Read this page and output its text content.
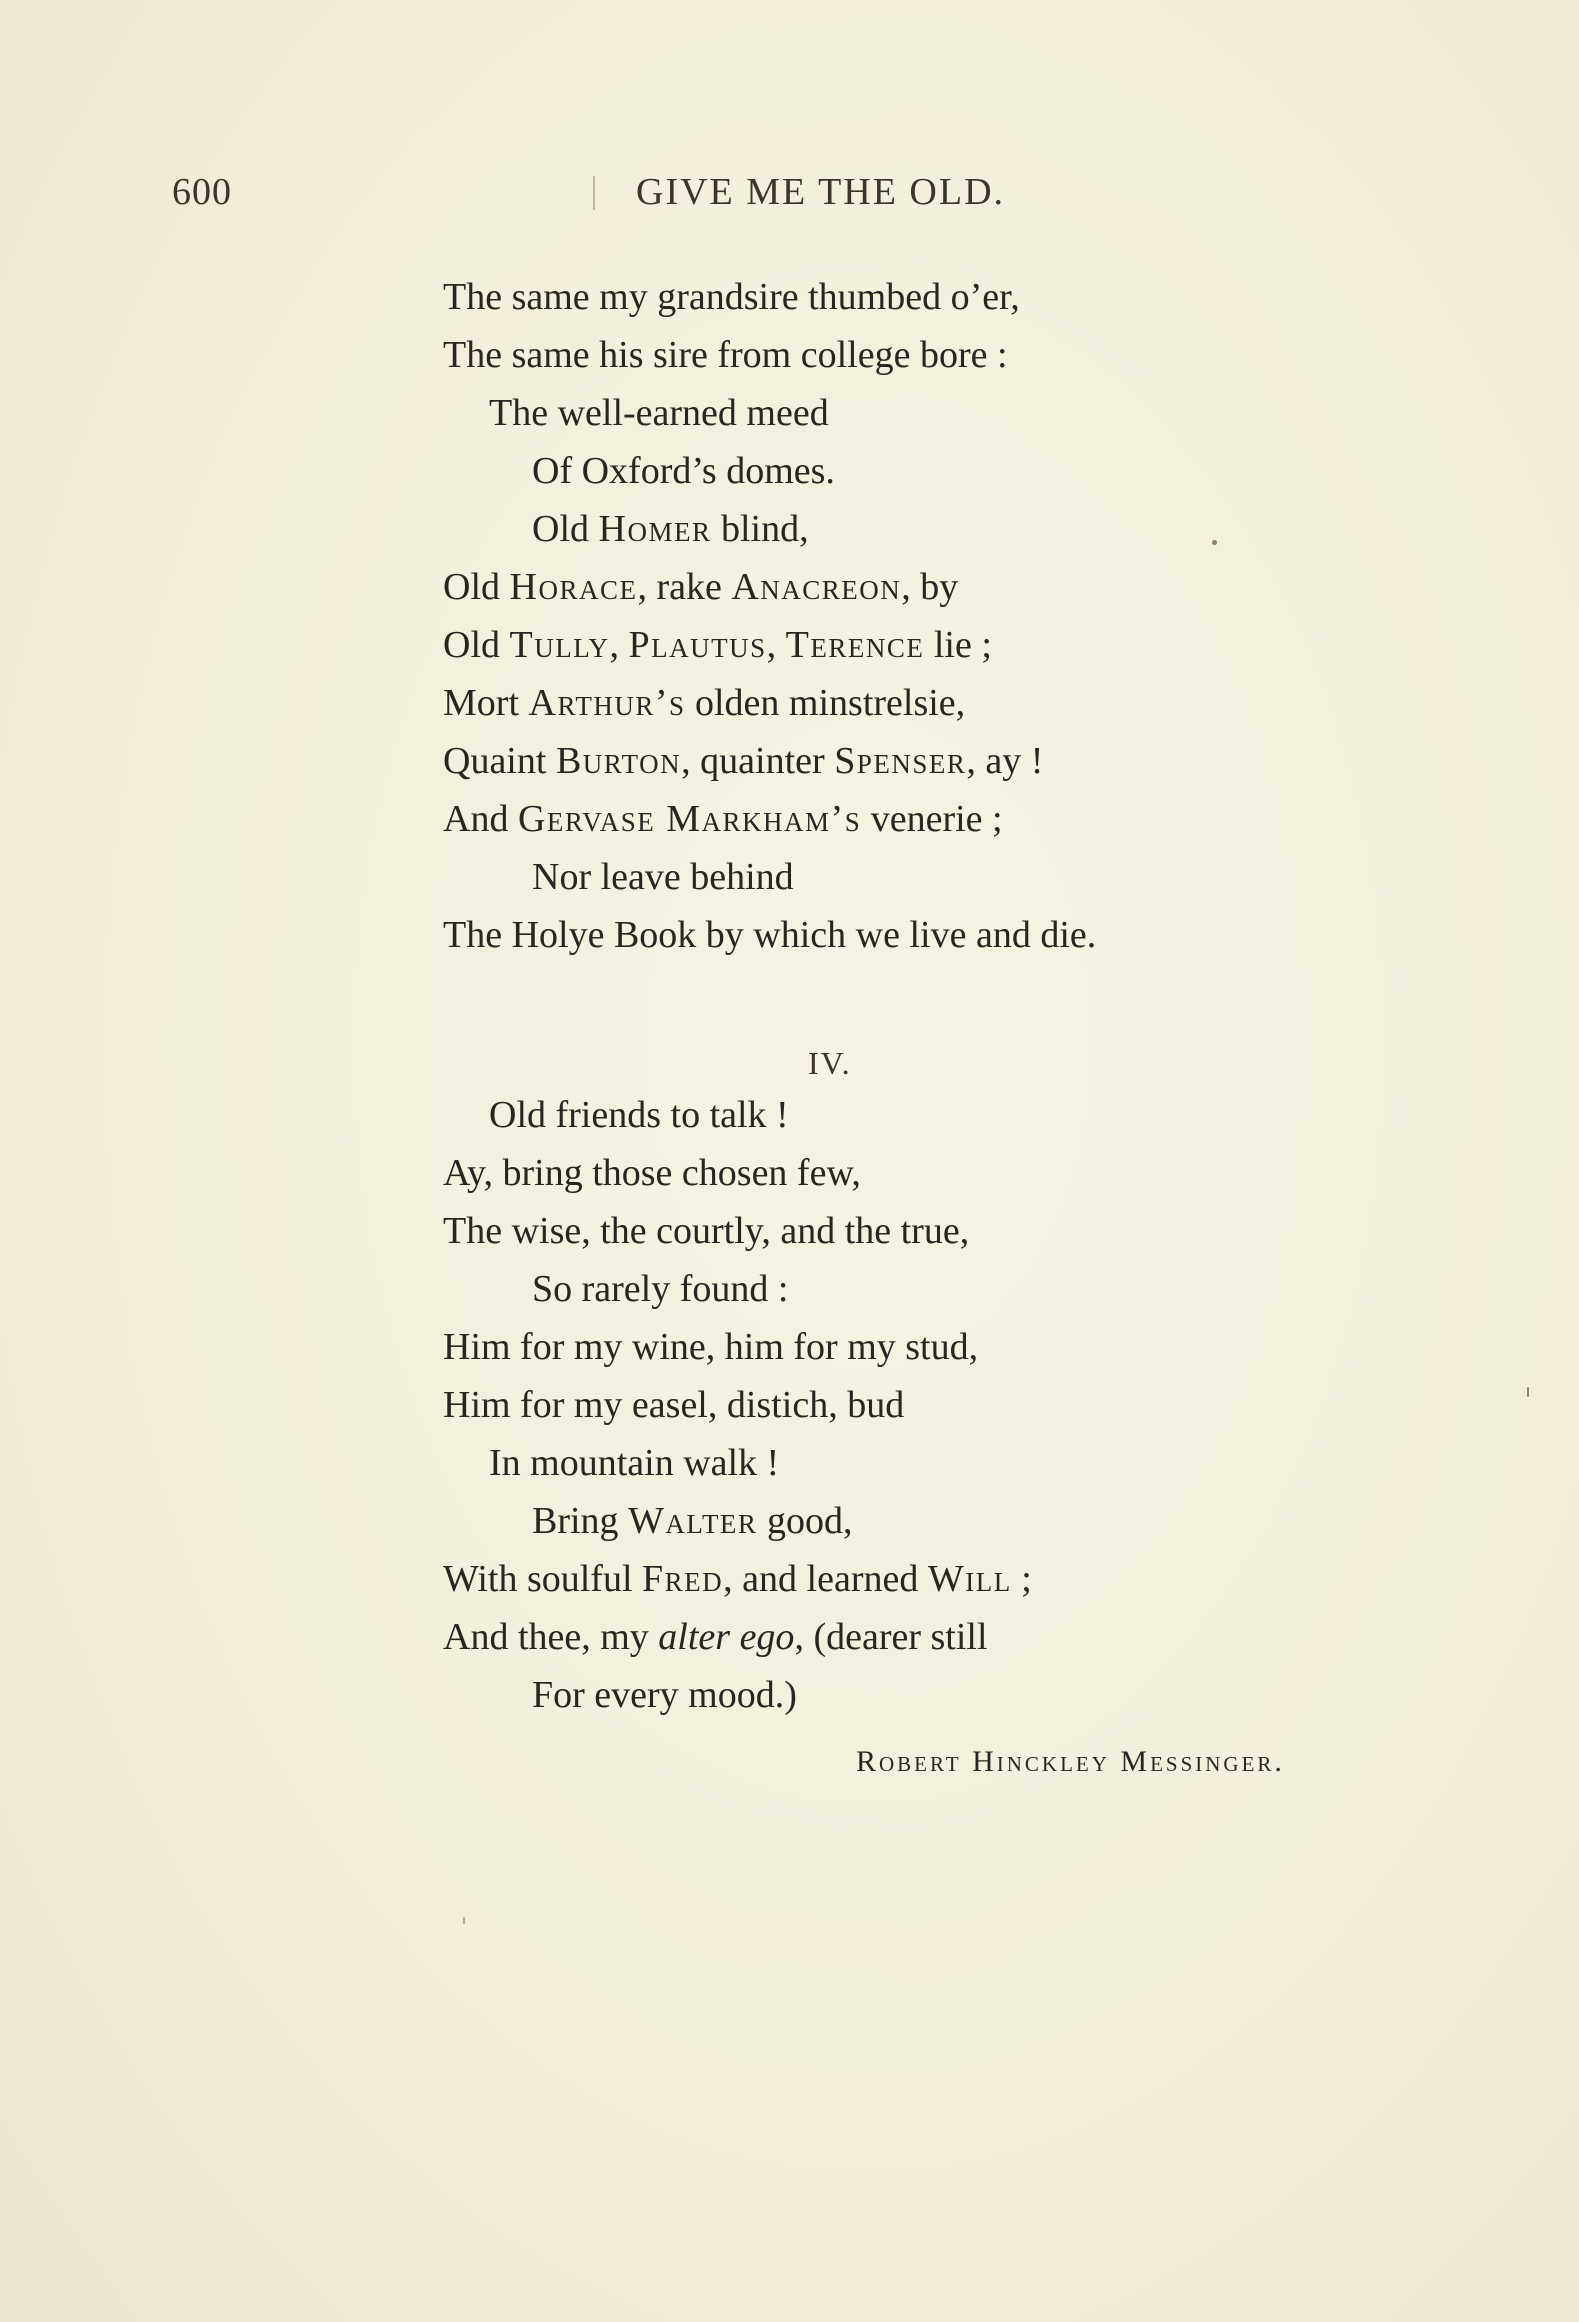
600	GIVE ME THE OLD.
The same my grandsire thumbed o’er,
The same his sire from college bore :
The well-earned meed
Of Oxford’s domes.
Old Homer blind,
Old Horace, rake Anacreon, by
Old Tully, Plautus, Terence lie ;
Mort Arthur’s olden minstrelsie,
Quaint Burton, quainter Spenser, ay !
And Gervase Markham’s venerie ;
Nor leave behind
The Holye Book by which we live and die.
Old friends to talk !
Ay, bring those chosen few,
The wise, the courtly, and the true,
So rarely found :
Him for my wine, him for my stud,
Him for my easel, distich, bud
In mountain walk !
Bring Walter good,
With soulful Fred, and learned Will ;
And thee, my alter ego, (dearer still
For every mood.)
IV.
Robert Hinckley Messinger.
